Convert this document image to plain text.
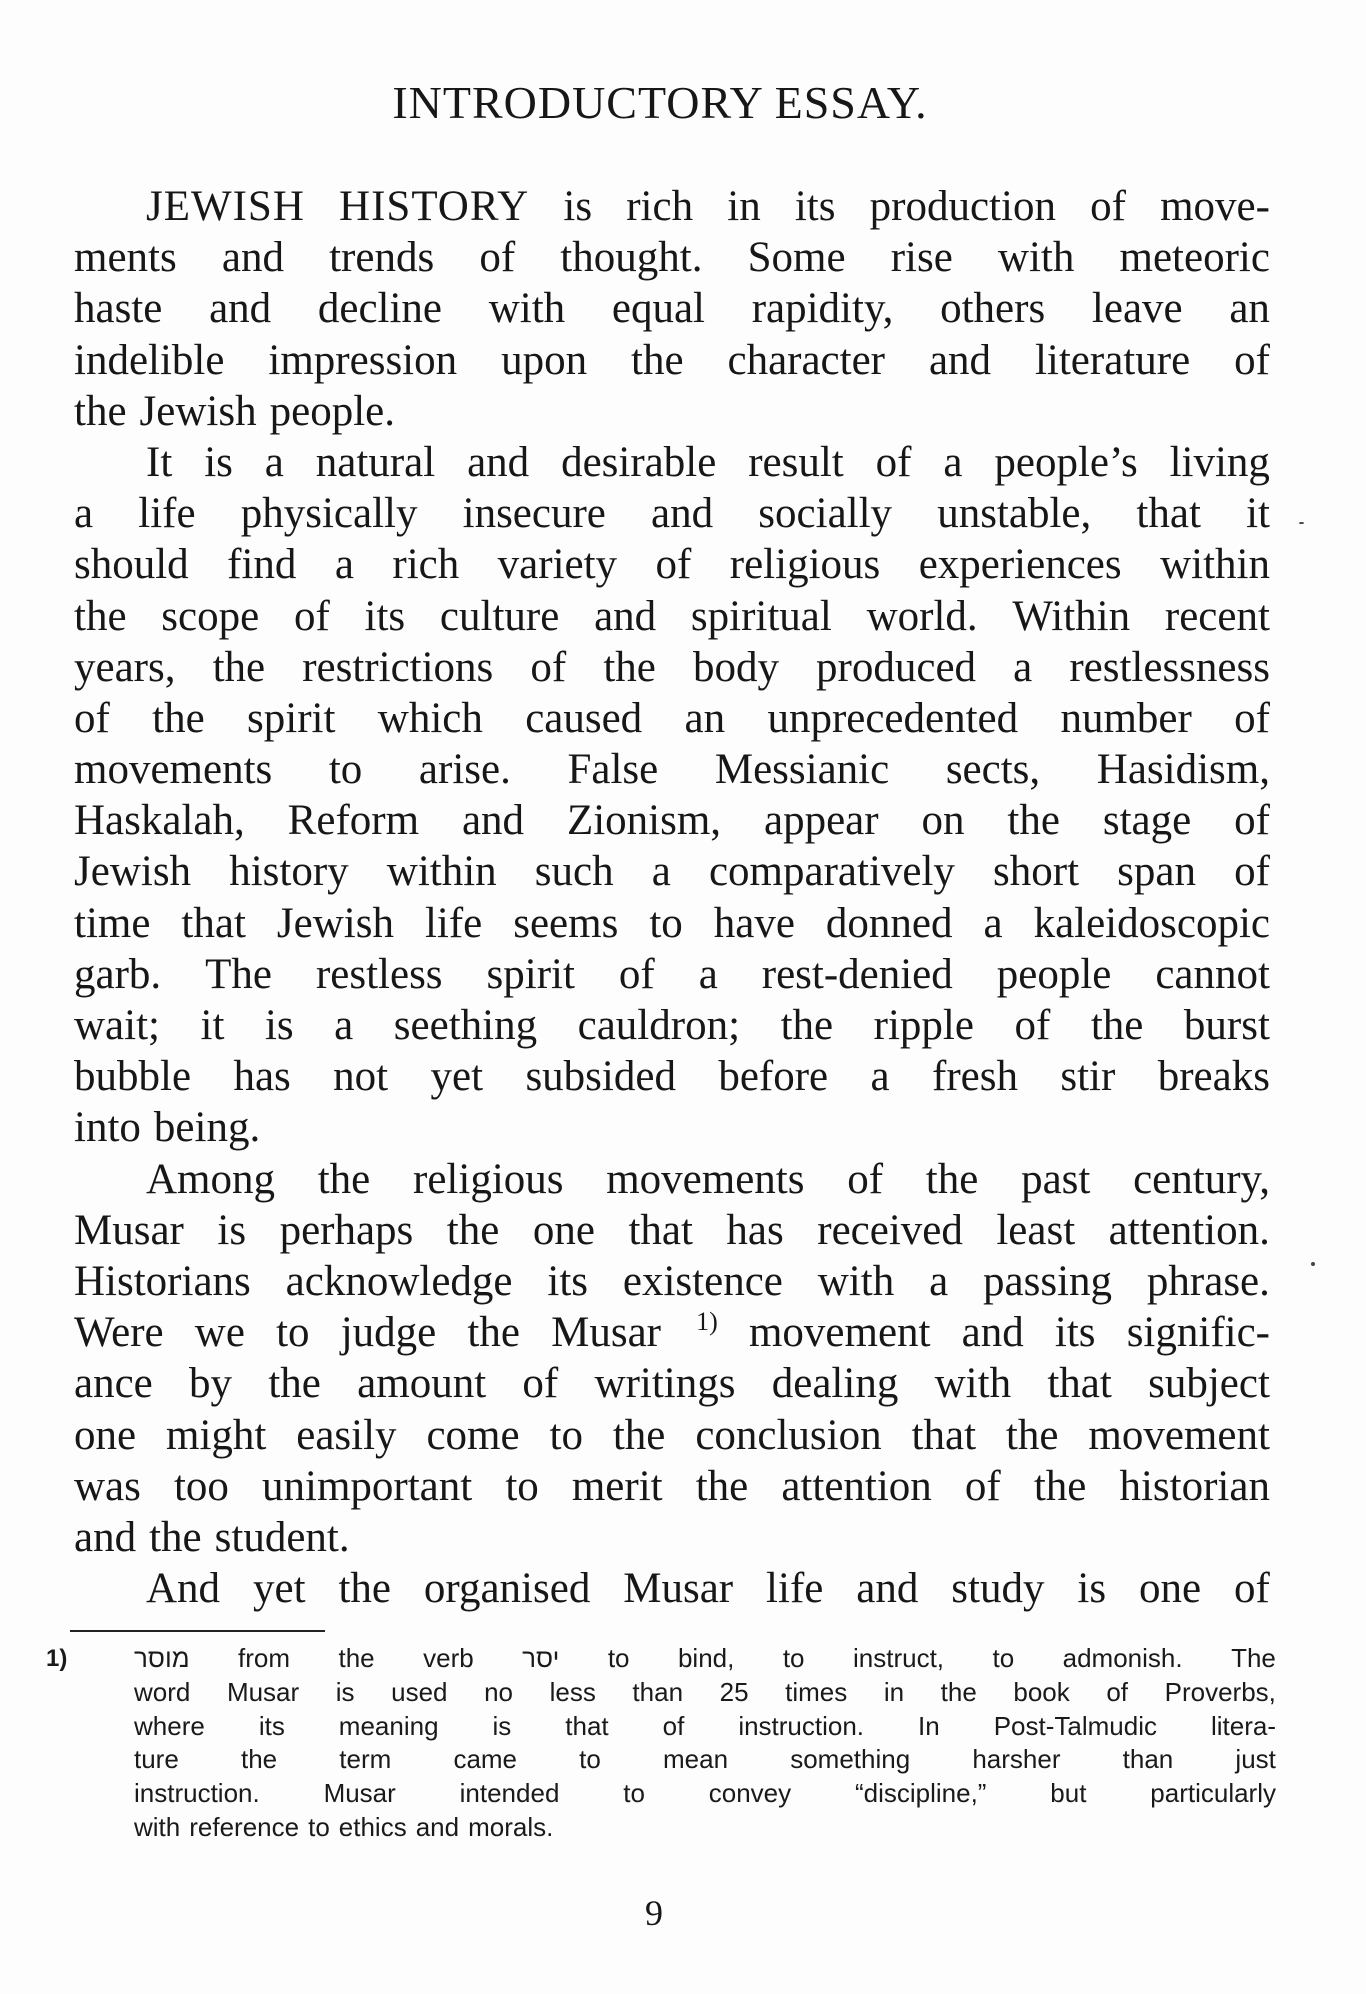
INTRODUCTORY ESSAY.
JEWISH HISTORY is rich in its production of move-
ments and trends of thought. Some rise with meteoric
haste and decline with equal rapidity, others leave an
indelible impression upon the character and literature of
the Jewish people.
It is a natural and desirable result of a people’s living
a life physically insecure and socially unstable, that it
should find a rich variety of religious experiences within
the scope of its culture and spiritual world. Within recent
years, the restrictions of the body produced a restlessness
of the spirit which caused an unprecedented number of
movements to arise. False Messianic sects, Hasidism,
Haskalah, Reform and Zionism, appear on the stage of
Jewish history within such a comparatively short span of
time that Jewish life seems to have donned a kaleidoscopic
garb. The restless spirit of a rest-denied people cannot
wait; it is a seething cauldron; the ripple of the burst
bubble has not yet subsided before a fresh stir breaks
into being.
Among the religious movements of the past century,
Musar is perhaps the one that has received least attention.
Historians acknowledge its existence with a passing phrase.
Were we to judge the Musar 1) movement and its signific-
ance by the amount of writings dealing with that subject
one might easily come to the conclusion that the movement
was too unimportant to merit the attention of the historian
and the student.
And yet the organised Musar life and study is one of
1)	מוסר from the verb יסר to bind, to instruct, to admonish. The
word Musar is used no less than 25 times in the book of Proverbs,
where its meaning is that of instruction. In Post-Talmudic litera-
ture the term came to mean something harsher than just
instruction. Musar intended to convey “discipline,” but particularly
with reference to ethics and morals.
9
